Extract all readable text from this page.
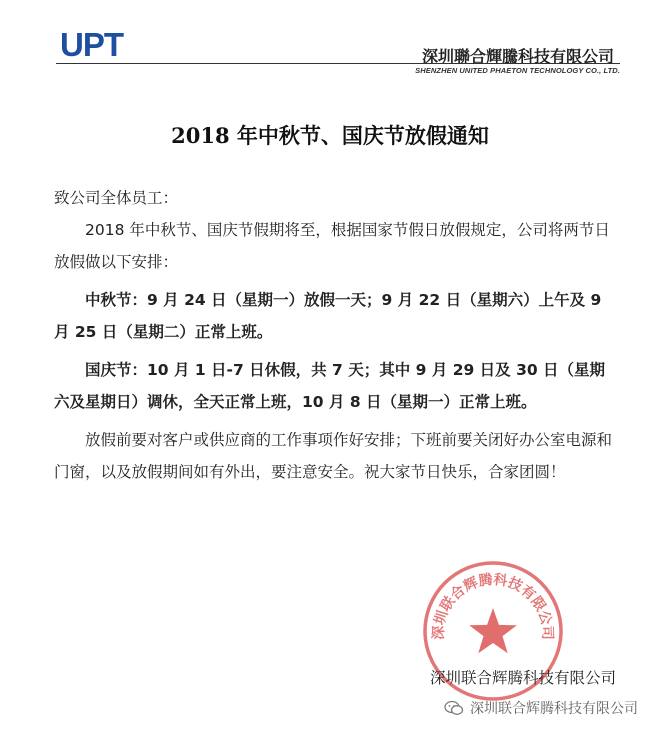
UPT	深圳聯合輝騰科技有限公司
SHENZHEN UNITED PHAETON TECHNOLOGY CO., LTD.
2018 年中秋节、国庆节放假通知
致公司全体员工：

2018 年中秋节、国庆节假期将至，根据国家节假日放假规定，公司将两节日放假做以下安排：

中秋节：9 月 24 日（星期一）放假一天；9 月 22 日（星期六）上午及 9 月 25 日（星期二）正常上班。

国庆节：10 月 1 日-7 日休假，共 7 天；其中 9 月 29 日及 30 日（星期六及星期日）调休，全天正常上班，10 月 8 日（星期一）正常上班。

放假前要对客户或供应商的工作事项作好安排；下班前要关闭好办公室电源和门窗，以及放假期间如有外出，要注意安全。祝大家节日快乐，合家团圆！

深圳联合辉腾科技有限公司
深圳联合辉腾科技有限公司
深圳联合辉腾科技有限公司
